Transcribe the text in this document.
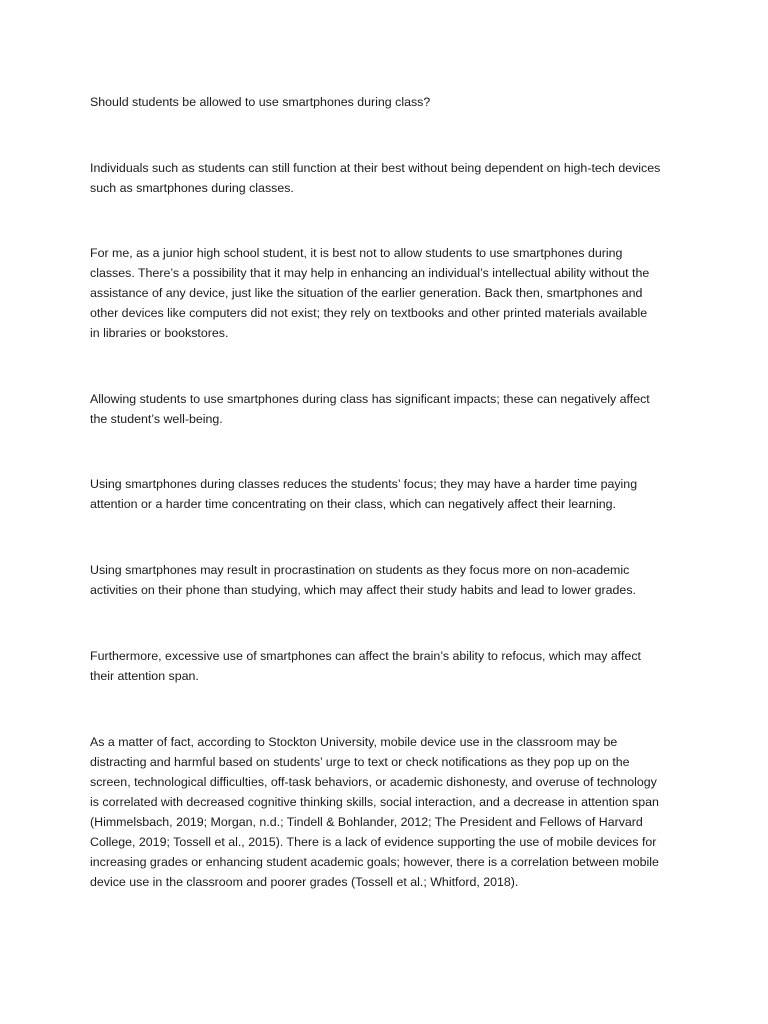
Should students be allowed to use smartphones during class?

Individuals such as students can still function at their best without being dependent on high-tech devices
such as smartphones during classes.

For me, as a junior high school student, it is best not to allow students to use smartphones during
classes. There’s a possibility that it may help in enhancing an individual’s intellectual ability without the
assistance of any device, just like the situation of the earlier generation. Back then, smartphones and
other devices like computers did not exist; they rely on textbooks and other printed materials available
in libraries or bookstores.

Allowing students to use smartphones during class has significant impacts; these can negatively affect
the student’s well-being.

Using smartphones during classes reduces the students’ focus; they may have a harder time paying
attention or a harder time concentrating on their class, which can negatively affect their learning.

Using smartphones may result in procrastination on students as they focus more on non-academic
activities on their phone than studying, which may affect their study habits and lead to lower grades.

Furthermore, excessive use of smartphones can affect the brain’s ability to refocus, which may affect
their attention span.

As a matter of fact, according to Stockton University, mobile device use in the classroom may be
distracting and harmful based on students’ urge to text or check notifications as they pop up on the
screen, technological difficulties, off-task behaviors, or academic dishonesty, and overuse of technology
is correlated with decreased cognitive thinking skills, social interaction, and a decrease in attention span
(Himmelsbach, 2019; Morgan, n.d.; Tindell & Bohlander, 2012; The President and Fellows of Harvard
College, 2019; Tossell et al., 2015). There is a lack of evidence supporting the use of mobile devices for
increasing grades or enhancing student academic goals; however, there is a correlation between mobile
device use in the classroom and poorer grades (Tossell et al.; Whitford, 2018).
